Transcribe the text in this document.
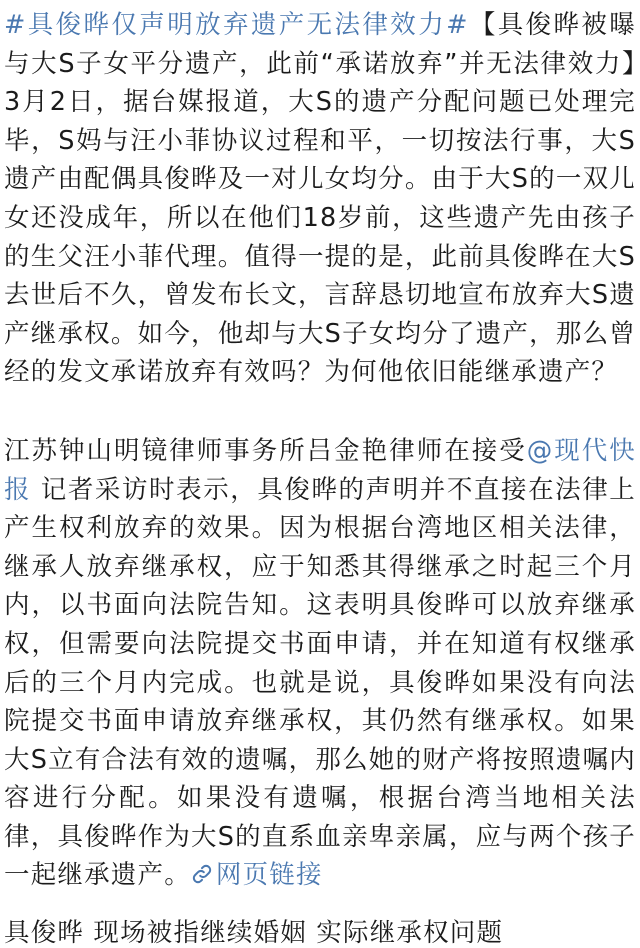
#具俊晔仅声明放弃遗产无法律效力#【具俊晔被曝与大S子女平分遗产，此前“承诺放弃”并无法律效力】3月2日，据台媒报道，大S的遗产分配问题已处理完毕，S妈与汪小菲协议过程和平，一切按法行事，大S遗产由配偶具俊晔及一对儿女均分。由于大S的一双儿女还没成年，所以在他们18岁前，这些遗产先由孩子的生父汪小菲代理。值得一提的是，此前具俊晔在大S去世后不久，曾发布长文，言辞恳切地宣布放弃大S遗产继承权。如今，他却与大S子女均分了遗产，那么曾经的发文承诺放弃有效吗？为何他依旧能继承遗产？

江苏钟山明镜律师事务所吕金艳律师在接受@现代快报 记者采访时表示，具俊晔的声明并不直接在法律上产生权利放弃的效果。因为根据台湾地区相关法律，继承人放弃继承权，应于知悉其得继承之时起三个月内，以书面向法院告知。这表明具俊晔可以放弃继承权，但需要向法院提交书面申请，并在知道有权继承后的三个月内完成。也就是说，具俊晔如果没有向法院提交书面申请放弃继承权，其仍然有继承权。如果大S立有合法有效的遗嘱，那么她的财产将按照遗嘱内容进行分配。如果没有遗嘱，根据台湾当地相关法律，具俊晔作为大S的直系血亲卑亲属，应与两个孩子一起继承遗产。 网页链接

具俊晔 现场被指继续婚姻 实际继承权问题
